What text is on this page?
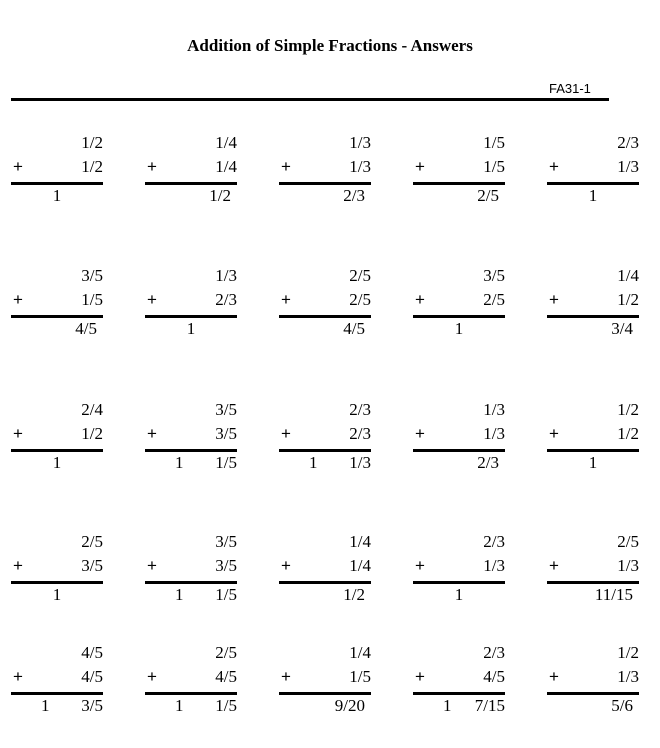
Addition of Simple Fractions - Answers
FA31-1
1/2
+	1/2
1
1/4
+	1/4
1/2
1/3
+	1/3
2/3
1/5
+	1/5
2/5
2/3
+	1/3
1
3/5
+	1/5
4/5
1/3
+	2/3
1
2/5
+	2/5
4/5
3/5
+	2/5
1
1/4
+	1/2
3/4
2/4
+	1/2
1
3/5
+	3/5
1 1/5
2/3
+	2/3
1 1/3
1/3
+	1/3
2/3
1/2
+	1/2
1
2/5
+	3/5
1
3/5
+	3/5
1 1/5
1/4
+	1/4
1/2
2/3
+	1/3
1
2/5
+	1/3
11/15
4/5
+	4/5
1 3/5
2/5
+	4/5
1 1/5
1/4
+	1/5
9/20
2/3
+	4/5
1 7/15
1/2
+	1/3
5/6
